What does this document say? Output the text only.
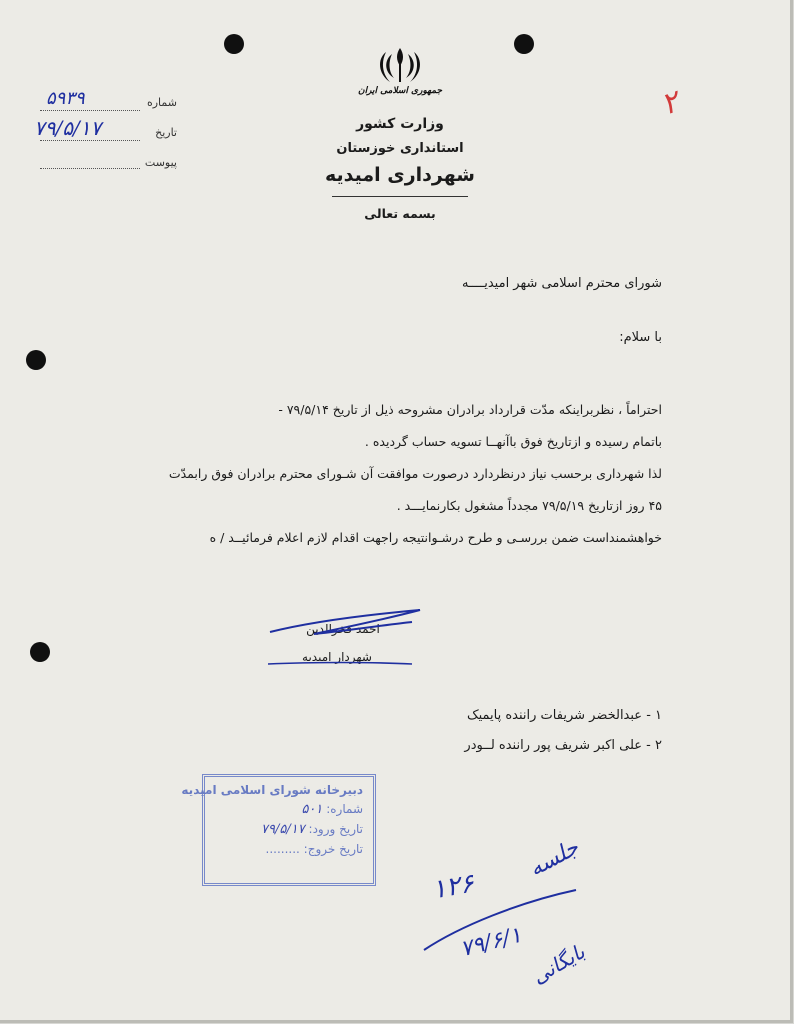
۲
شماره
۵۹۳۹
تاریخ
۷۹/۵/۱۷
پیوست
جمهوری اسلامی ایران
وزارت کشور
استانداری خوزستان
شهرداری امیدیه
بسمه تعالی
شورای محترم اسلامی شهر امیدیــــه
با سلام:
احتراماً ، نظربراینکه مدّت قرارداد برادران مشروحه ذیل از تاریخ ۷۹/۵/۱۴ -
باتمام رسیده و ازتاریخ فوق باآنهــا تسویه حساب گردیده .
لذا شهرداری برحسب نیاز درنظردارد درصورت موافقت آن شـورای محترم برادران فوق رابمدّت
۴۵ روز ازتاریخ ۷۹/۵/۱۹ مجدداً مشغول بکارنمایـــد .
خواهشمنداست ضمن بررسـی و طرح درشـوانتیجه راجهت اقدام لازم اعلام فرمائیــد / ه
احمد فخرالدین
شهردار امیدیه
۱ - عبدالخضر شریفات راننده پایمیک
۲ - علی اکبر شریف پور راننده لــودر
دبیرخانه شورای اسلامی امیدیه
شماره: ۵۰۱
تاریخ ورود: ۷۹/۵/۱۷
تاریخ خروج: .........	جلسه
۱۲۶
۷۹/۶/۱ بایگانی
